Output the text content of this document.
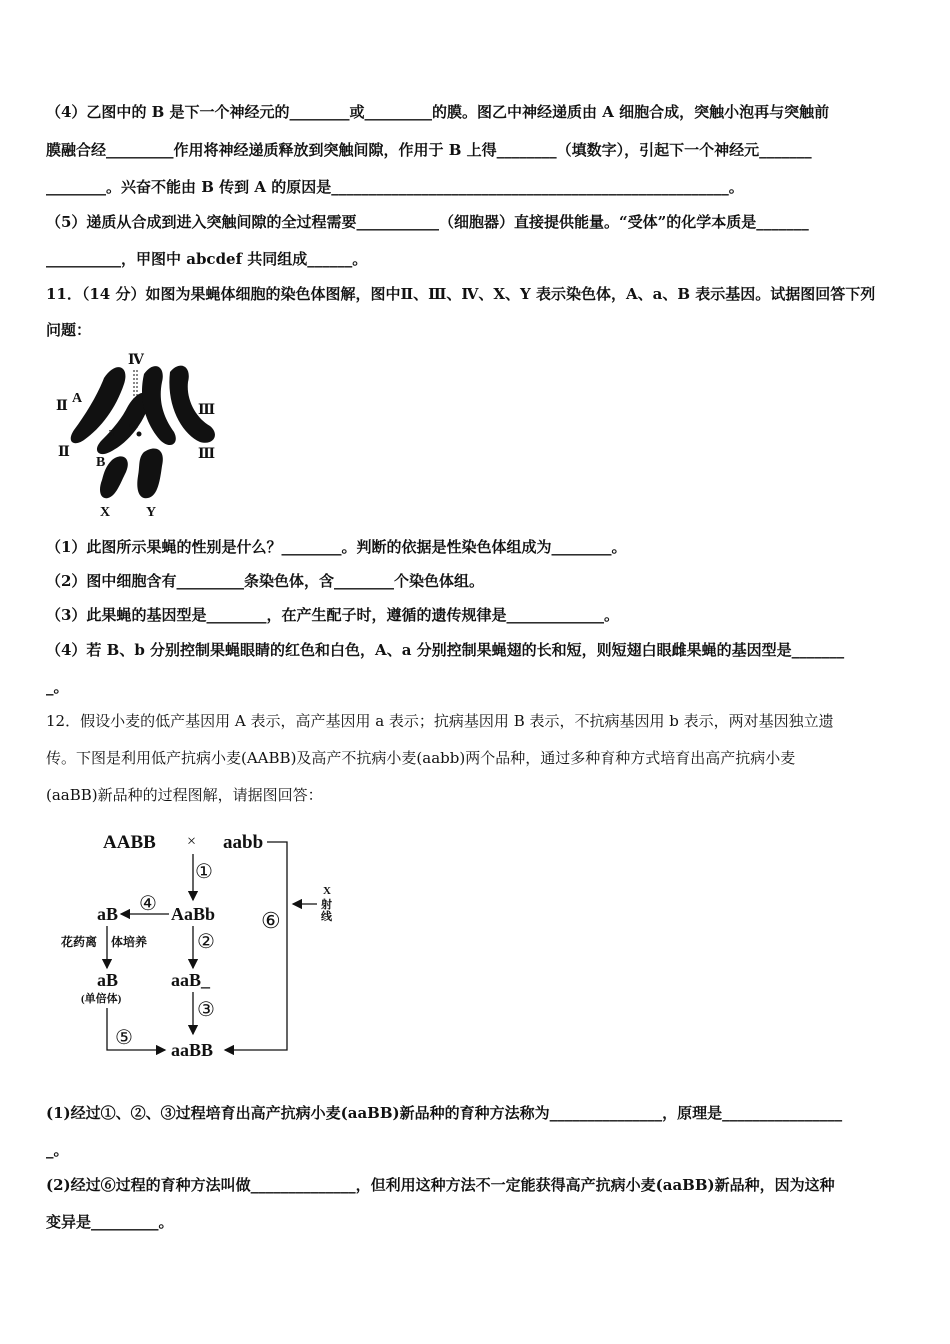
（4）乙图中的 B 是下一个神经元的________或_________的膜。图乙中神经递质由 A 细胞合成，突触小泡再与突触前
膜融合经_________作用将神经递质释放到突触间隙，作用于 B 上得________（填数字），引起下一个神经元_______
________。兴奋不能由 B 传到 A 的原因是_____________________________________________________。
（5）递质从合成到进入突触间隙的全过程需要___________（细胞器）直接提供能量。“受体”的化学本质是_______
__________，甲图中 abcdef 共同组成______。
11．（14 分）如图为果蝇体细胞的染色体图解，图中Ⅱ、Ⅲ、Ⅳ、X、Y 表示染色体，A、a、B 表示基因。试据图回答下列
问题：
Ⅳ
Ⅱ
A
a
Ⅱ
Ⅲ
Ⅲ
B
X	Y
（1）此图所示果蝇的性别是什么？________。判断的依据是性染色体组成为________。
（2）图中细胞含有_________条染色体，含________个染色体组。
（3）此果蝇的基因型是________，在产生配子时，遵循的遗传规律是_____________。
（4）若 B、b 分别控制果蝇眼睛的红色和白色，A、a 分别控制果蝇翅的长和短，则短翅白眼雌果蝇的基因型是_______
_。
12．假设小麦的低产基因用 A 表示，高产基因用 a 表示；抗病基因用 B 表示，不抗病基因用 b 表示，两对基因独立遗
传。下图是利用低产抗病小麦(AABB)及高产不抗病小麦(aabb)两个品种，通过多种育种方式培育出高产抗病小麦
(aaBB)新品种的过程图解，请据图回答：
AABB × aabb
①
AaBb
④
aB
花药离 体培养 ②
aB
(单倍体)
aaB_
③
⑤
aaBB
⑥
X
射
线
(1)经过①、②、③过程培育出高产抗病小麦(aaBB)新品种的育种方法称为_______________，原理是________________
_。
(2)经过⑥过程的育种方法叫做______________，但利用这种方法不一定能获得高产抗病小麦(aaBB)新品种，因为这种
变异是_________。
